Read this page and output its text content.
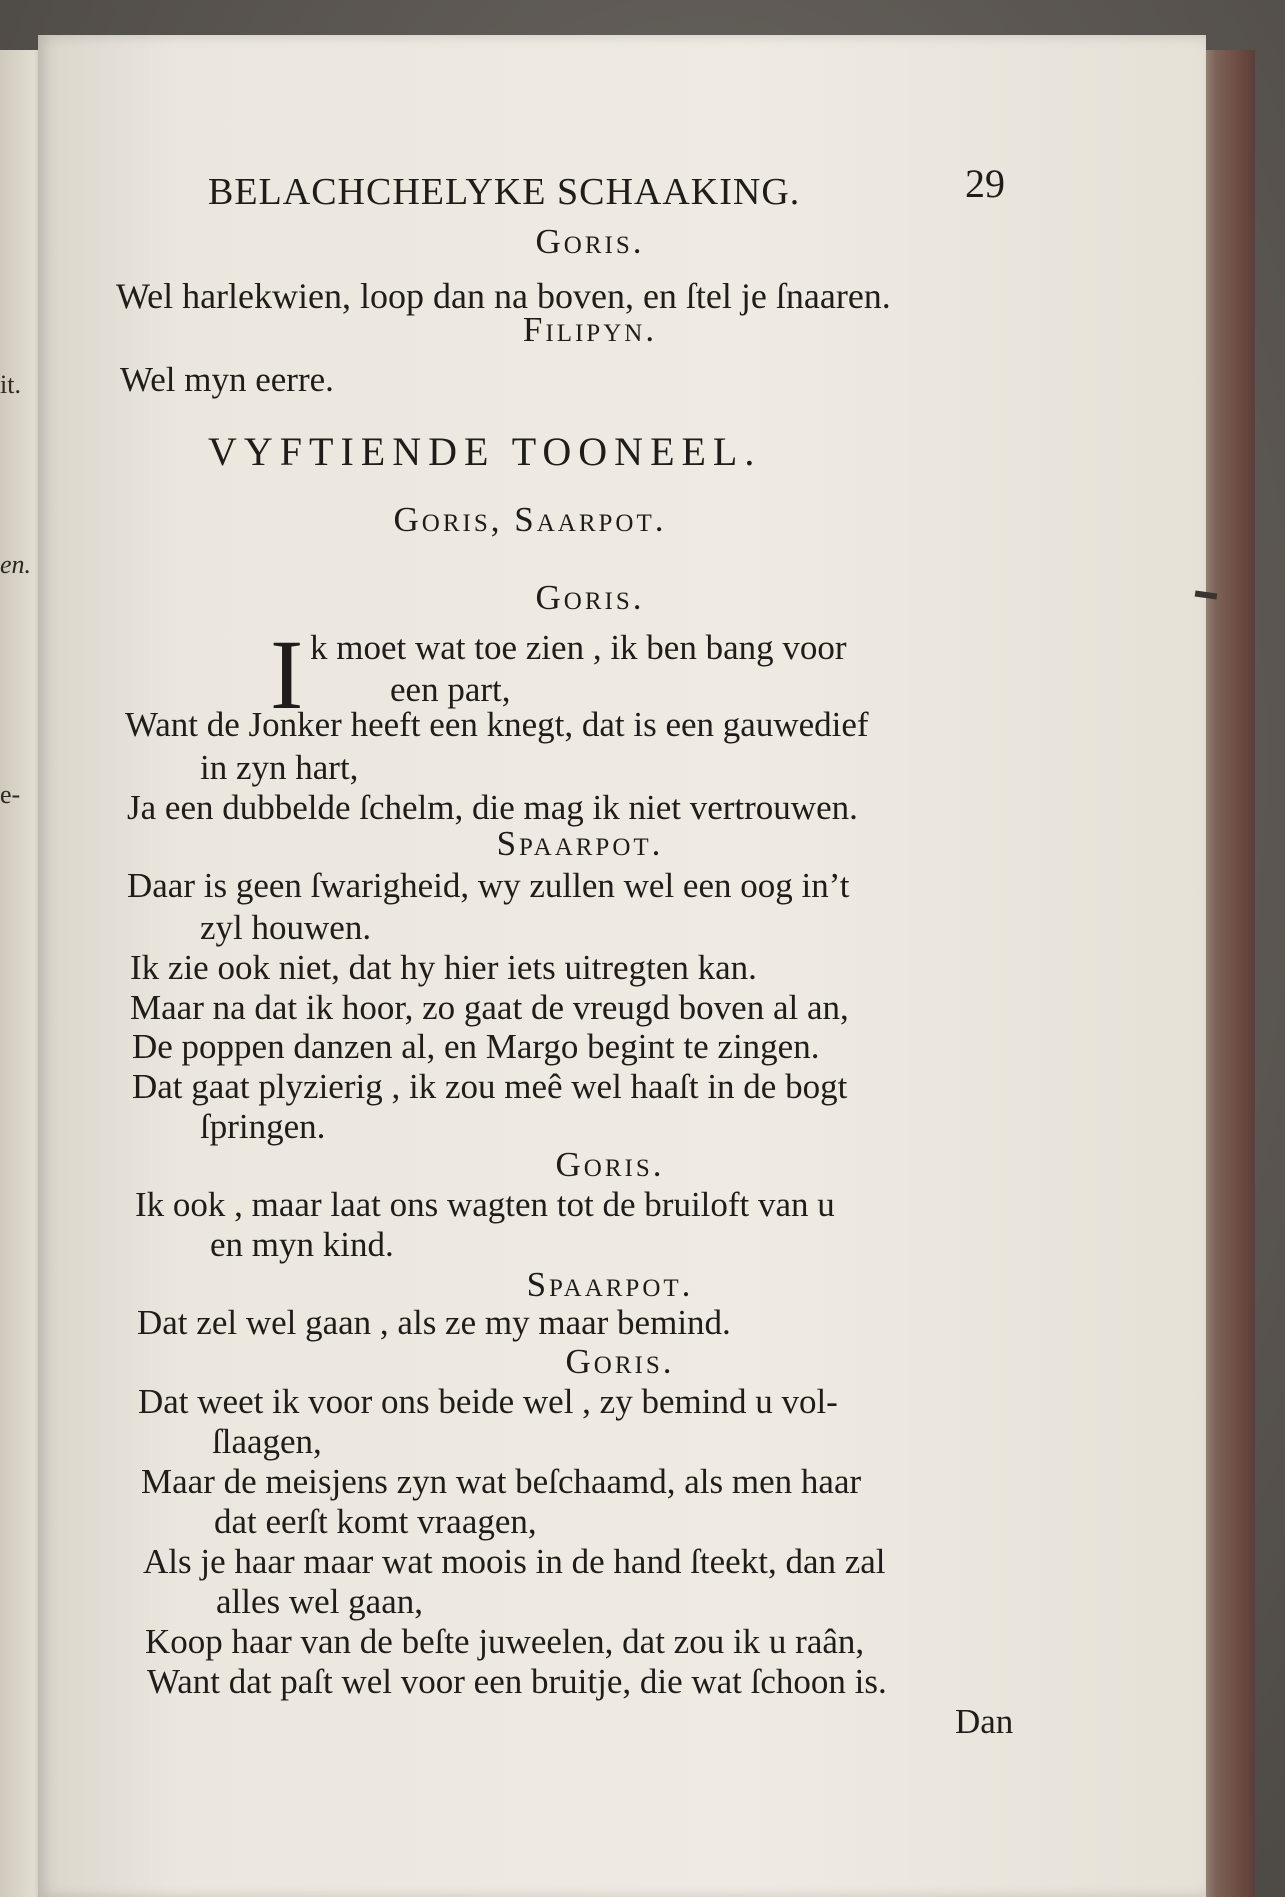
it.
en.
e-
BELACHCHELYKE SCHAAKING.	29
Goris.
Wel harlekwien, loop dan na boven, en ſtel je ſnaaren.
Filipyn.
Wel myn eerre.
VYFTIENDE TOONEEL.
Goris, Saarpot.
Goris.
I k moet wat toe zien , ik ben bang voor
een part,
Want de Jonker heeft een knegt, dat is een gauwedief
in zyn hart,
Ja een dubbelde ſchelm, die mag ik niet vertrouwen.
Spaarpot.
Daar is geen ſwarigheid, wy zullen wel een oog in’t
zyl houwen.
Ik zie ook niet, dat hy hier iets uitregten kan.
Maar na dat ik hoor, zo gaat de vreugd boven al an,
De poppen danzen al, en Margo begint te zingen.
Dat gaat plyzierig , ik zou meê wel haaſt in de bogt
ſpringen.
Goris.
Ik ook , maar laat ons wagten tot de bruiloft van u
en myn kind.
Spaarpot.
Dat zel wel gaan , als ze my maar bemind.
Goris.
Dat weet ik voor ons beide wel , zy bemind u vol-
ſlaagen,
Maar de meisjens zyn wat beſchaamd, als men haar
dat eerſt komt vraagen,
Als je haar maar wat moois in de hand ſteekt, dan zal
alles wel gaan,
Koop haar van de beſte juweelen, dat zou ik u raân,
Want dat paſt wel voor een bruitje, die wat ſchoon is.
Dan
